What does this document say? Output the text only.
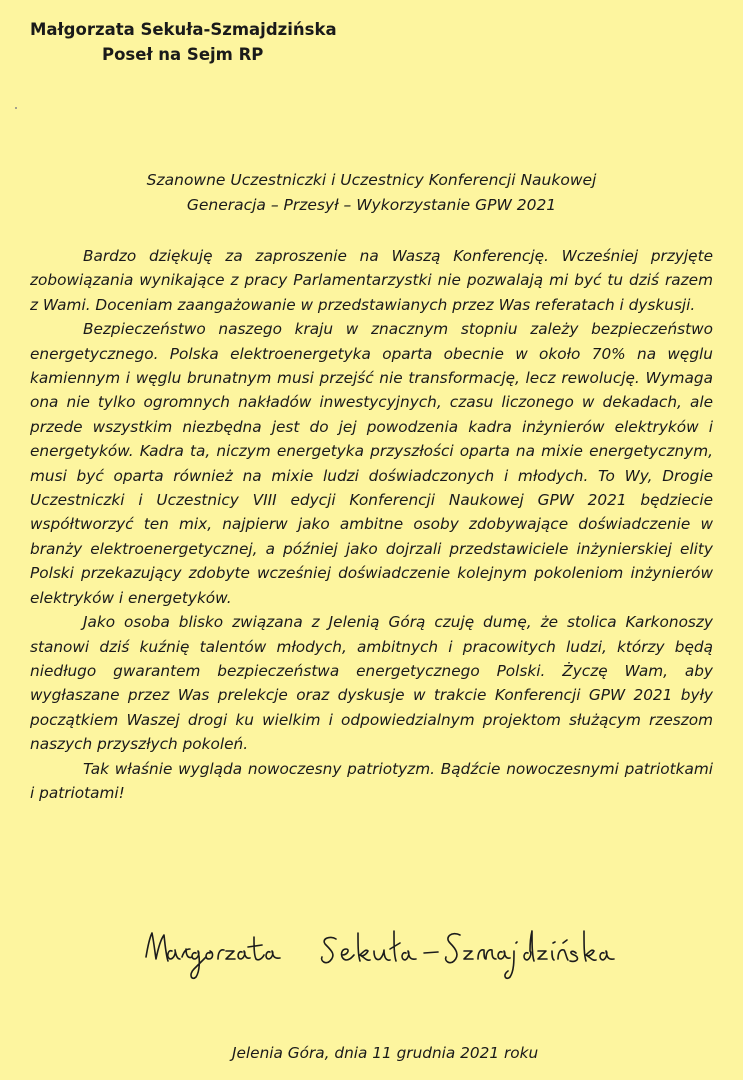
Małgorzata Sekuła-Szmajdzińska
Poseł na Sejm RP
Szanowne Uczestniczki i Uczestnicy Konferencji Naukowej
Generacja – Przesył – Wykorzystanie GPW 2021

Bardzo dziękuję za zaproszenie na Waszą Konferencję. Wcześniej przyjęte zobowiązania wynikające z pracy Parlamentarzystki nie pozwalają mi być tu dziś razem z Wami. Doceniam zaangażowanie w przedstawianych przez Was referatach i dyskusji.

Bezpieczeństwo naszego kraju w znacznym stopniu zależy bezpieczeństwo energetycznego. Polska elektroenergetyka oparta obecnie w około 70% na węglu kamiennym i węglu brunatnym musi przejść nie transformację, lecz rewolucję. Wymaga ona nie tylko ogromnych nakładów inwestycyjnych, czasu liczonego w dekadach, ale przede wszystkim niezbędna jest do jej powodzenia kadra inżynierów elektryków i energetyków. Kadra ta, niczym energetyka przyszłości oparta na mixie energetycznym, musi być oparta również na mixie ludzi doświadczonych i młodych. To Wy, Drogie Uczestniczki i Uczestnicy VIII edycji Konferencji Naukowej GPW 2021 będziecie współtworzyć ten mix, najpierw jako ambitne osoby zdobywające doświadczenie w branży elektroenergetycznej, a później jako dojrzali przedstawiciele inżynierskiej elity Polski przekazujący zdobyte wcześniej doświadczenie kolejnym pokoleniom inżynierów elektryków i energetyków.

Jako osoba blisko związana z Jelenią Górą czuję dumę, że stolica Karkonoszy stanowi dziś kuźnię talentów młodych, ambitnych i pracowitych ludzi, którzy będą niedługo gwarantem bezpieczeństwa energetycznego Polski. Życzę Wam, aby wygłaszane przez Was prelekcje oraz dyskusje w trakcie Konferencji GPW 2021 były początkiem Waszej drogi ku wielkim i odpowiedzialnym projektom służącym rzeszom naszych przyszłych pokoleń.

Tak właśnie wygląda nowoczesny patriotyzm. Bądźcie nowoczesnymi patriotkami i patriotami!

Jelenia Góra, dnia 11 grudnia 2021 roku
